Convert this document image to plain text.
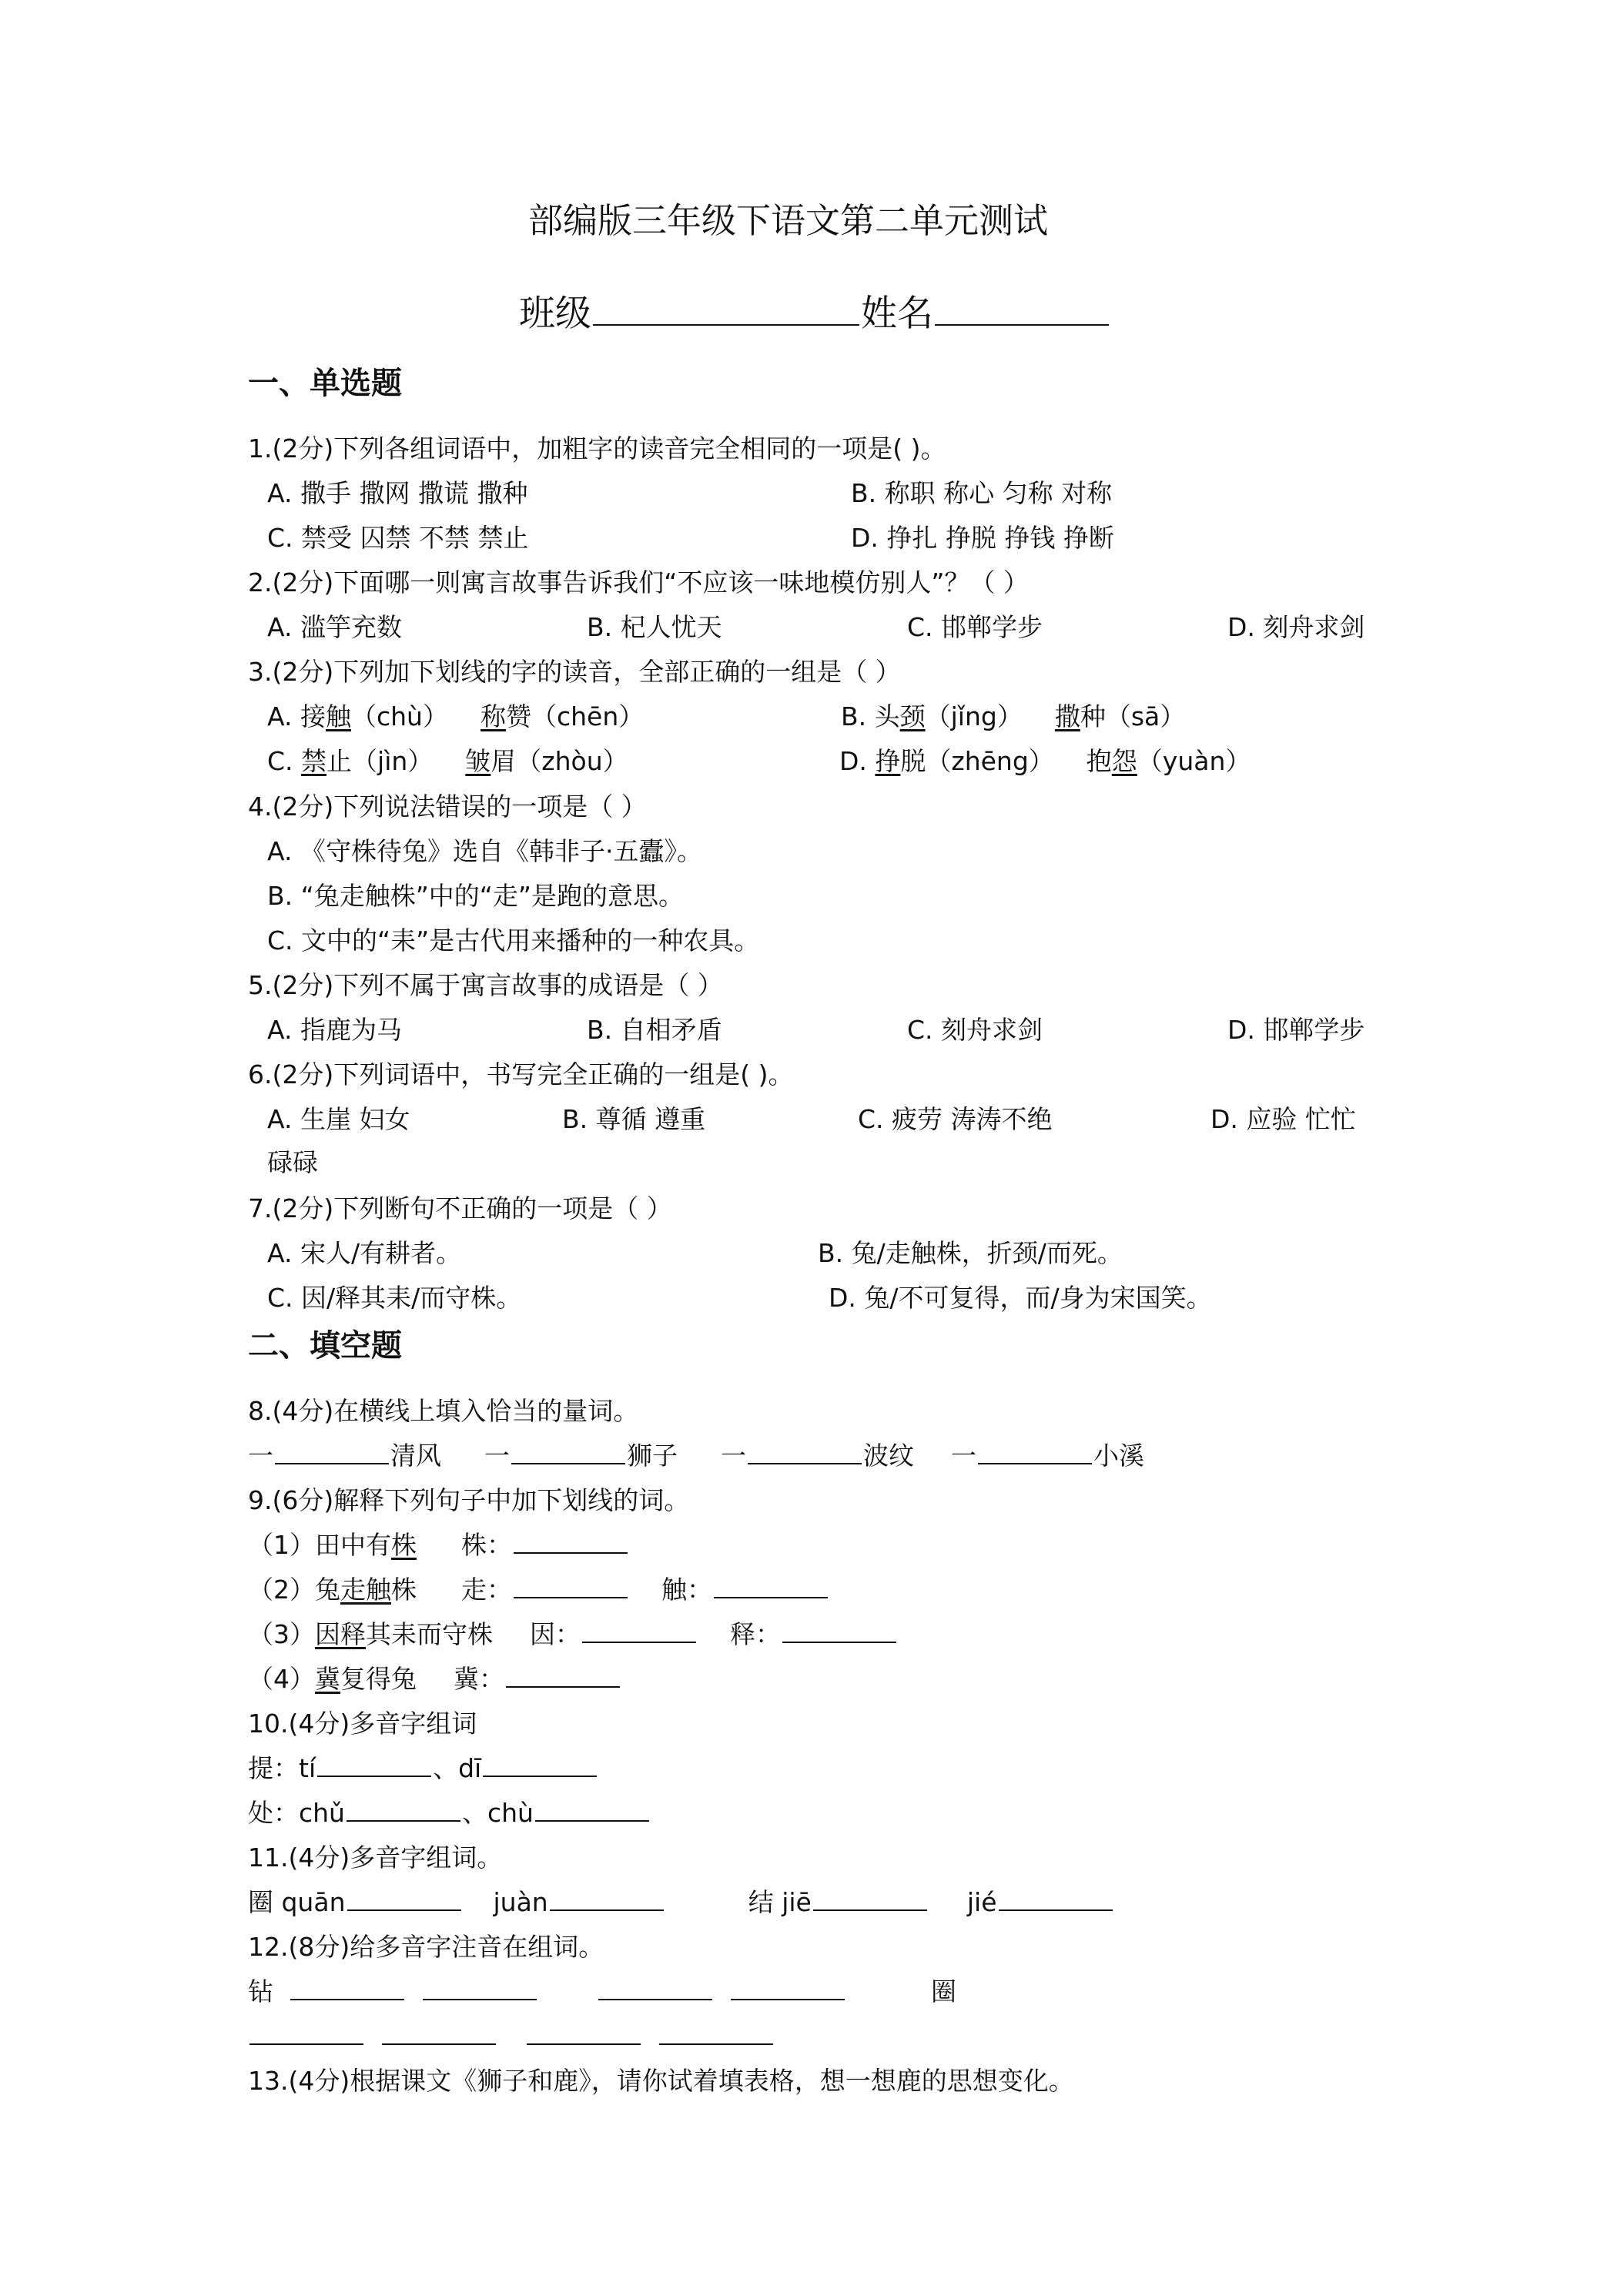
部编版三年级下语文第二单元测试
班级	姓名
一、单选题
1.(2分)下列各组词语中，加粗字的读音完全相同的一项是( )。
A. 撒手 撒网 撒谎 撒种	B. 称职 称心 匀称 对称
C. 禁受 囚禁 不禁 禁止	D. 挣扎 挣脱 挣钱 挣断
2.(2分)下面哪一则寓言故事告诉我们“不应该一味地模仿别人”？（ ）
A. 滥竽充数	B. 杞人忧天	C. 邯郸学步	D. 刻舟求剑
3.(2分)下列加下划线的字的读音，全部正确的一组是（ ）
A. 接触（chù） 称赞（chēn）	B. 头颈（jǐng） 撒种（sā）
C. 禁止（jìn） 皱眉（zhòu）	D. 挣脱（zhēng） 抱怨（yuàn）
4.(2分)下列说法错误的一项是（ ）
A. 《守株待兔》选自《韩非子·五蠹》。
B. “兔走触株”中的“走”是跑的意思。
C. 文中的“耒”是古代用来播种的一种农具。
5.(2分)下列不属于寓言故事的成语是（ ）
A. 指鹿为马	B. 自相矛盾	C. 刻舟求剑	D. 邯郸学步
6.(2分)下列词语中，书写完全正确的一组是( )。
A. 生崖 妇女	B. 尊循 遵重	C. 疲劳 涛涛不绝	D. 应验 忙忙
碌碌
7.(2分)下列断句不正确的一项是（ ）
A. 宋人/有耕者。	B. 兔/走触株，折颈/而死。
C. 因/释其耒/而守株。	D. 兔/不可复得，而/身为宋国笑。
二、填空题
8.(4分)在横线上填入恰当的量词。
一	清风 一	狮子 一	波纹 一	小溪
9.(6分)解释下列句子中加下划线的词。
（1）田中有株 株：
（2）兔走触株 走：	触：
（3）因释其耒而守株 因：	释：
（4）冀复得兔 冀：
10.(4分)多音字组词
提：tí	、dī
处：chǔ	、chù
11.(4分)多音字组词。
圈 quān	juàn	结 jiē	jié
12.(8分)给多音字注音在组词。
钻	圈
13.(4分)根据课文《狮子和鹿》，请你试着填表格，想一想鹿的思想变化。
